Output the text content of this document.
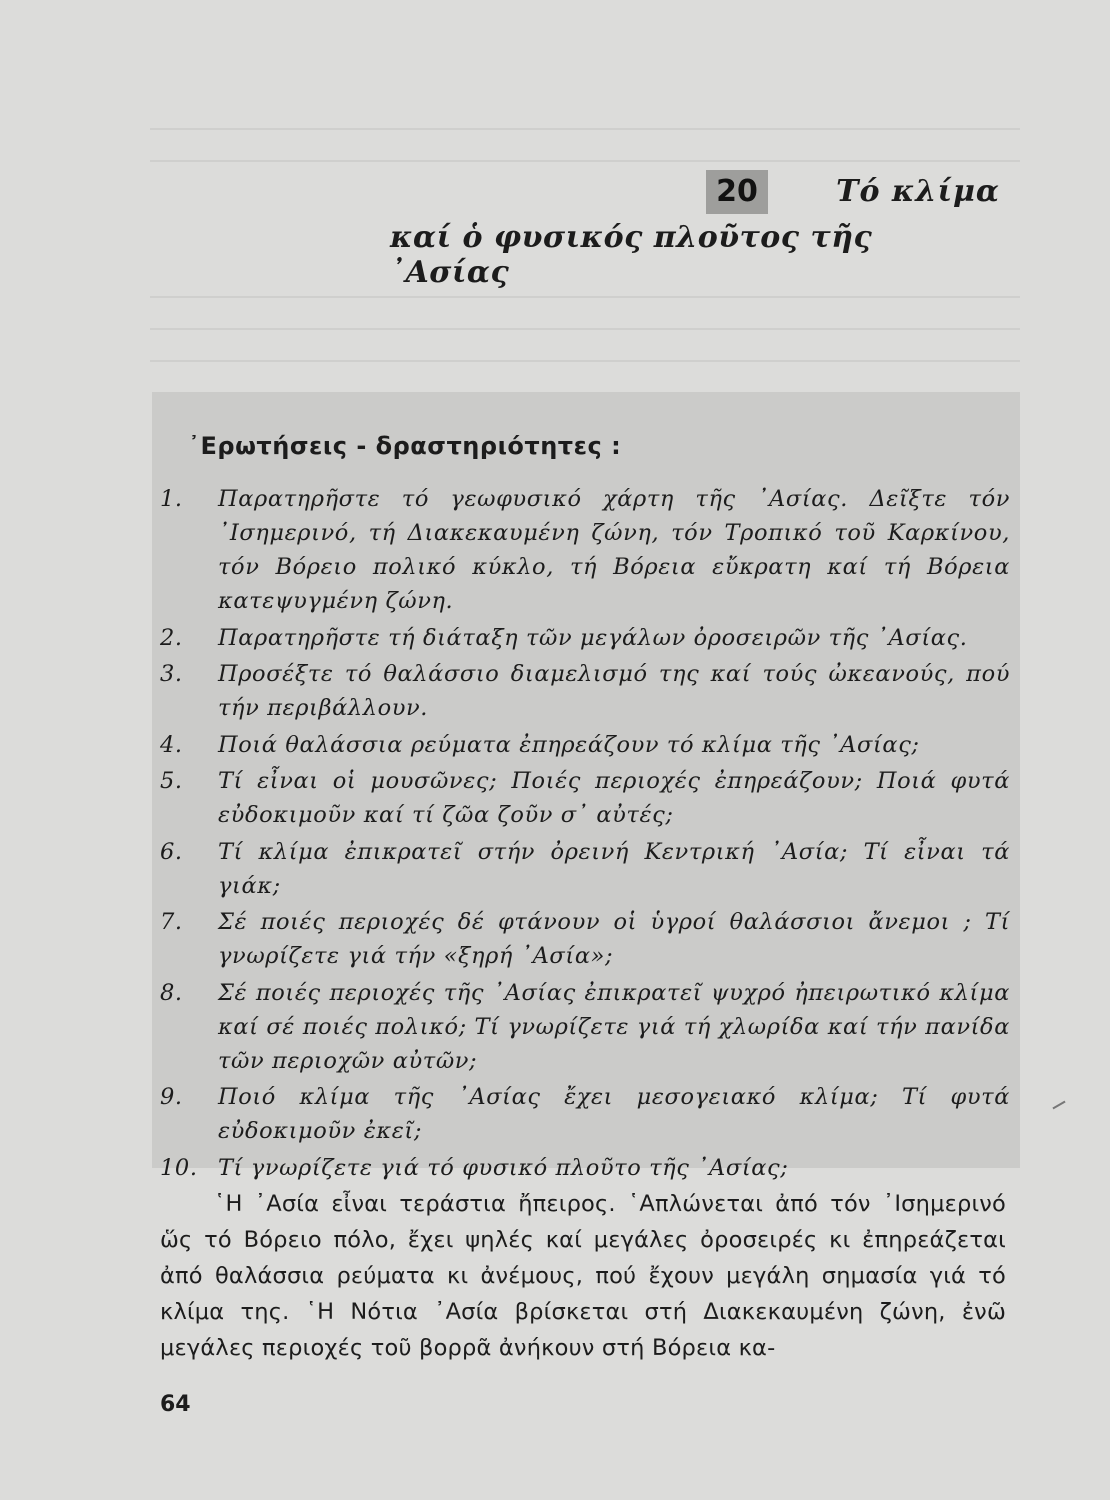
20	Τό κλίμα
καί ὁ φυσικός πλοῦτος τῆς ᾿Ασίας
᾿Ερωτήσεις - δραστηριότητες :
1.	Παρατηρῆστε τό γεωφυσικό χάρτη τῆς ᾿Ασίας. Δεῖξτε τόν ᾿Ισημερινό, τή Διακεκαυμένη ζώνη, τόν Τροπικό τοῦ Καρκίνου, τόν Βόρειο πολικό κύκλο, τή Βόρεια εὔκρατη καί τή Βόρεια κατεψυγμένη ζώνη.
2.	Παρατηρῆστε τή διάταξη τῶν μεγάλων ὀροσειρῶν τῆς ᾿Ασίας.
3.	Προσέξτε τό θαλάσσιο διαμελισμό της καί τούς ὠκεανούς, πού τήν περιβάλλουν.
4.	Ποιά θαλάσσια ρεύματα ἐπηρεάζουν τό κλίμα τῆς ᾿Ασίας;
5.	Τί εἶναι οἱ μουσῶνες; Ποιές περιοχές ἐπηρεάζουν; Ποιά φυτά εὐδοκιμοῦν καί τί ζῶα ζοῦν σ᾿ αὐτές;
6.	Τί κλίμα ἐπικρατεῖ στήν ὀρεινή Κεντρική ᾿Ασία; Τί εἶναι τά γιάκ;
7.	Σέ ποιές περιοχές δέ φτάνουν οἱ ὑγροί θαλάσσιοι ἄνεμοι ; Τί γνωρίζετε γιά τήν «ξηρή ᾿Ασία»;
8.	Σέ ποιές περιοχές τῆς ᾿Ασίας ἐπικρατεῖ ψυχρό ἠπειρωτικό κλίμα καί σέ ποιές πολικό; Τί γνωρίζετε γιά τή χλωρίδα καί τήν πανίδα τῶν περιοχῶν αὐτῶν;
9.	Ποιό κλίμα τῆς ᾿Ασίας ἔχει μεσογειακό κλίμα; Τί φυτά εὐδοκιμοῦν ἐκεῖ;
10. Τί γνωρίζετε γιά τό φυσικό πλοῦτο τῆς ᾿Ασίας;
῾Η ᾿Ασία εἶναι τεράστια ἤπειρος. ῾Απλώνεται ἀπό τόν ᾿Ισημερινό ὥς τό Βόρειο πόλο, ἔχει ψηλές καί μεγάλες ὀροσειρές κι ἐπηρεάζεται ἀπό θαλάσσια ρεύματα κι ἀνέμους, πού ἔχουν μεγάλη σημασία γιά τό κλίμα της. ῾Η Νότια ᾿Ασία βρίσκεται στή Διακεκαυμένη ζώνη, ἐνῶ μεγάλες περιοχές τοῦ βορρᾶ ἀνήκουν στή Βόρεια κα-
64
